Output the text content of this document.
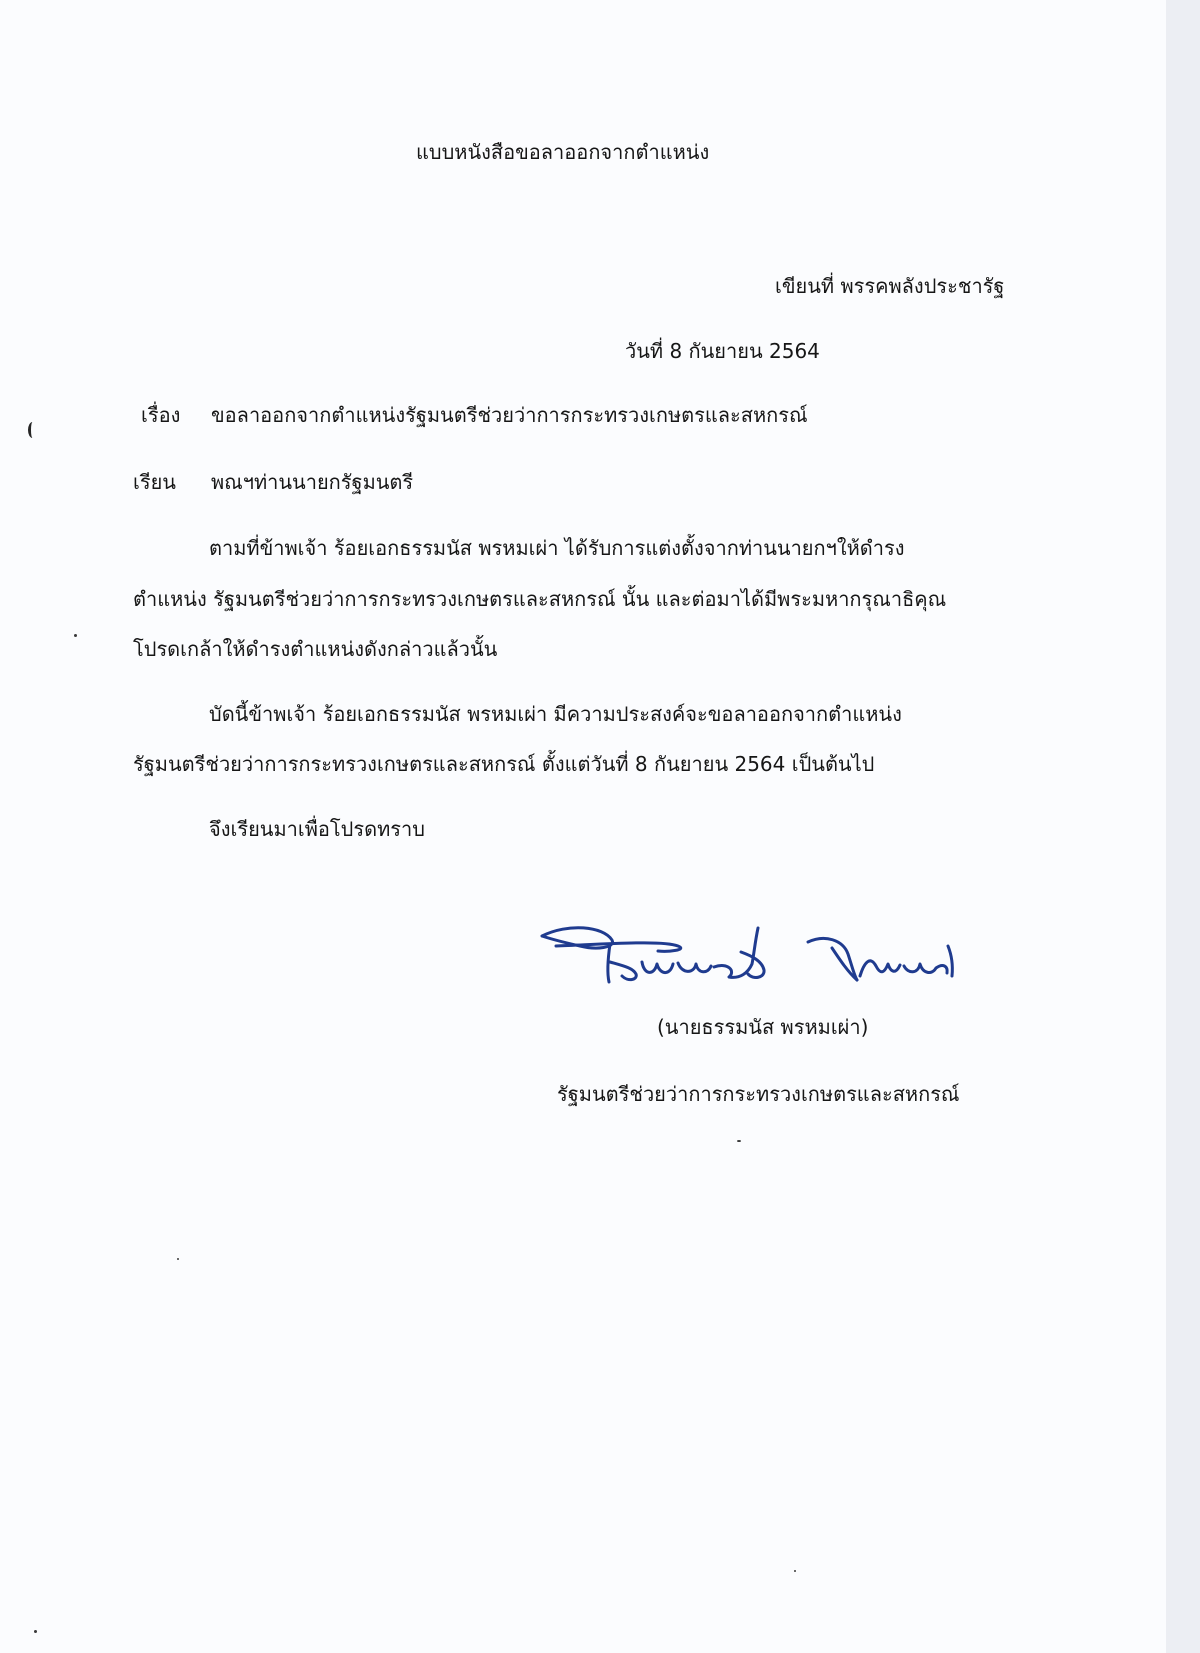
แบบหนังสือขอลาออกจากตำแหน่ง

เขียนที่ พรรคพลังประชารัฐ

วันที่ 8 กันยายน 2564

เรื่อง ขอลาออกจากตำแหน่งรัฐมนตรีช่วยว่าการกระทรวงเกษตรและสหกรณ์

เรียน พณฯท่านนายกรัฐมนตรี

ตามที่ข้าพเจ้า ร้อยเอกธรรมนัส พรหมเผ่า ได้รับการแต่งตั้งจากท่านนายกฯให้ดำรง

ตำแหน่ง รัฐมนตรีช่วยว่าการกระทรวงเกษตรและสหกรณ์ นั้น และต่อมาได้มีพระมหากรุณาธิคุณ

โปรดเกล้าให้ดำรงตำแหน่งดังกล่าวแล้วนั้น

บัดนี้ข้าพเจ้า ร้อยเอกธรรมนัส พรหมเผ่า มีความประสงค์จะขอลาออกจากตำแหน่ง

รัฐมนตรีช่วยว่าการกระทรวงเกษตรและสหกรณ์ ตั้งแต่วันที่ 8 กันยายน 2564 เป็นต้นไป

จึงเรียนมาเพื่อโปรดทราบ

(นายธรรมนัส พรหมเผ่า)

รัฐมนตรีช่วยว่าการกระทรวงเกษตรและสหกรณ์
